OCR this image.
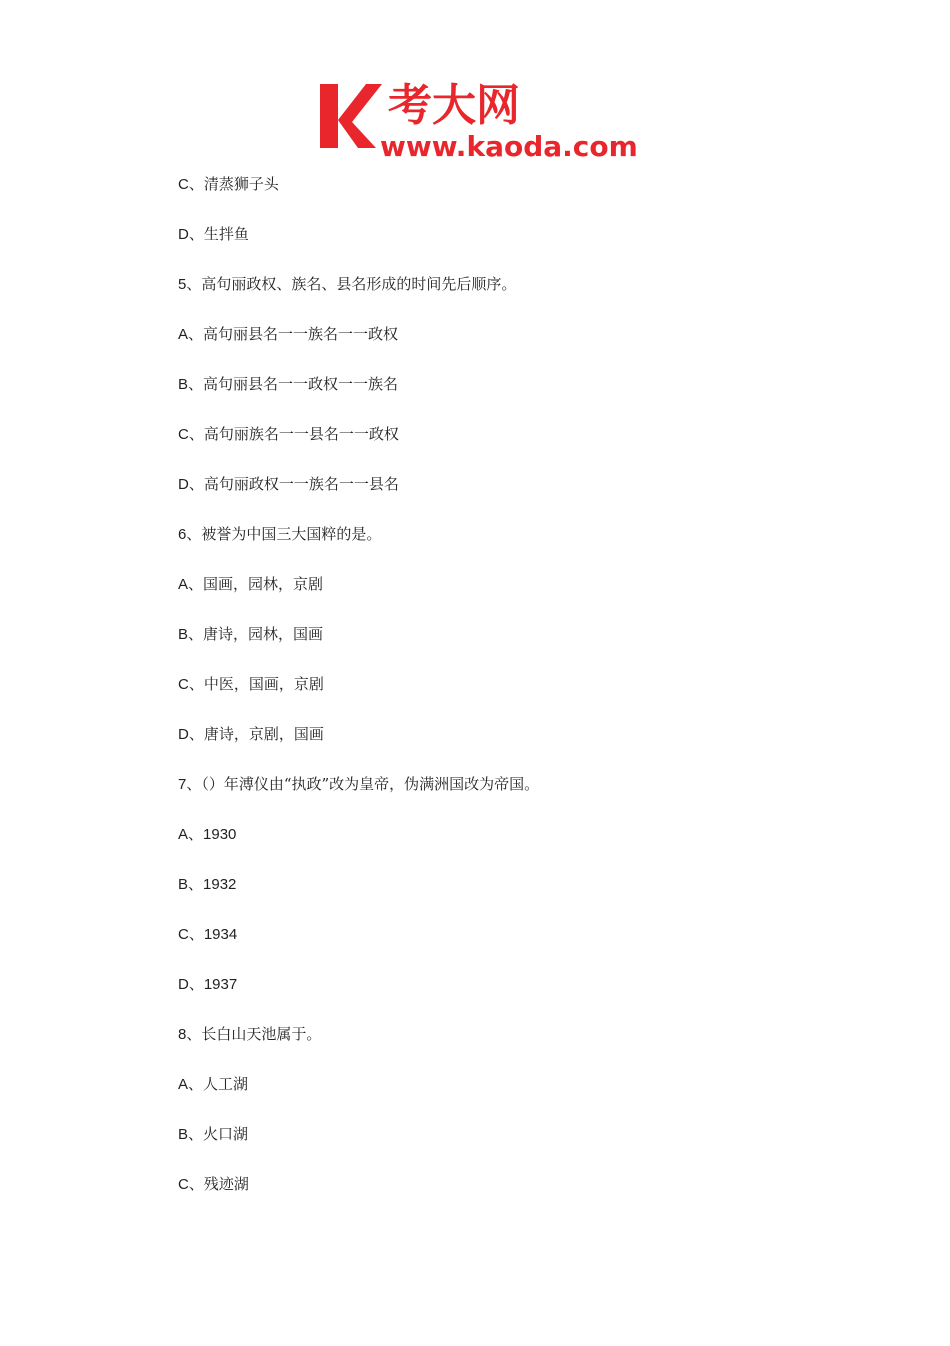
考大网
www.kaoda.com
C、清蒸狮子头
D、生拌鱼
5、高句丽政权、族名、县名形成的时间先后顺序。
A、高句丽县名一一族名一一政权
B、高句丽县名一一政权一一族名
C、高句丽族名一一县名一一政权
D、高句丽政权一一族名一一县名
6、被誉为中国三大国粹的是。
A、国画，园林，京剧
B、唐诗，园林，国画
C、中医，国画，京剧
D、唐诗，京剧，国画
7、（）年溥仪由“执政”改为皇帝，伪满洲国改为帝国。
A、1930
B、1932
C、1934
D、1937
8、长白山天池属于。
A、人工湖
B、火口湖
C、残迹湖
